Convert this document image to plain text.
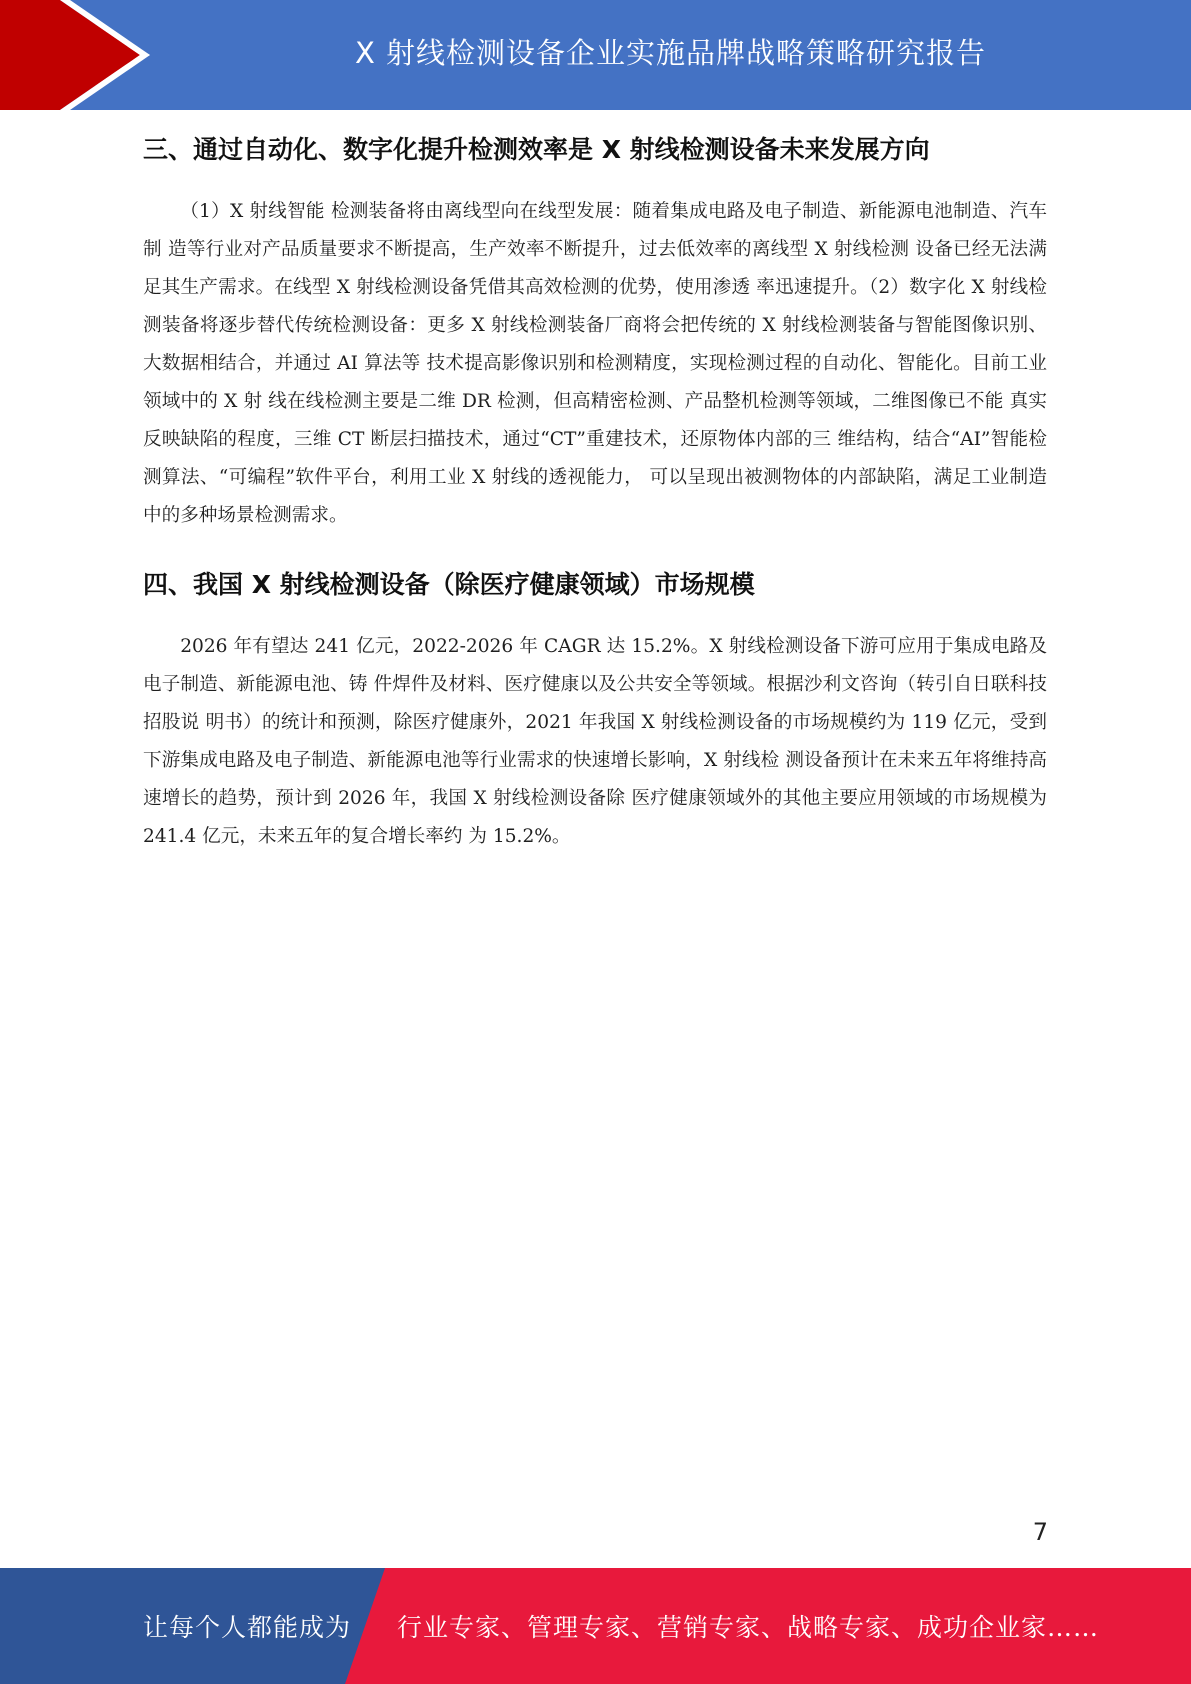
X 射线检测设备企业实施品牌战略策略研究报告
三、通过自动化、数字化提升检测效率是 X 射线检测设备未来发展方向

（1）X 射线智能 检测装备将由离线型向在线型发展：随着集成电路及电子制造、新能源电池制造、汽车制 造等行业对产品质量要求不断提高，生产效率不断提升，过去低效率的离线型 X 射线检测 设备已经无法满足其生产需求。在线型 X 射线检测设备凭借其高效检测的优势，使用渗透 率迅速提升。（2）数字化 X 射线检测装备将逐步替代传统检测设备：更多 X 射线检测装备厂商将会把传统的 X 射线检测装备与智能图像识别、大数据相结合，并通过 AI 算法等 技术提高影像识别和检测精度，实现检测过程的自动化、智能化。目前工业领域中的 X 射 线在线检测主要是二维 DR 检测，但高精密检测、产品整机检测等领域，二维图像已不能 真实反映缺陷的程度，三维 CT 断层扫描技术，通过“CT”重建技术，还原物体内部的三 维结构，结合“AI”智能检测算法、“可编程”软件平台，利用工业 X 射线的透视能力， 可以呈现出被测物体的内部缺陷，满足工业制造中的多种场景检测需求。

四、我国 X 射线检测设备（除医疗健康领域）市场规模

2026 年有望达 241 亿元，2022-2026 年 CAGR 达 15.2%。X 射线检测设备下游可应用于集成电路及电子制造、新能源电池、铸 件焊件及材料、医疗健康以及公共安全等领域。根据沙利文咨询（转引自日联科技招股说 明书）的统计和预测，除医疗健康外，2021 年我国 X 射线检测设备的市场规模约为 119 亿元，受到下游集成电路及电子制造、新能源电池等行业需求的快速增长影响，X 射线检 测设备预计在未来五年将维持高速增长的趋势，预计到 2026 年，我国 X 射线检测设备除 医疗健康领域外的其他主要应用领域的市场规模为 241.4 亿元，未来五年的复合增长率约 为 15.2%。

7
让每个人都能成为 行业专家、管理专家、营销专家、战略专家、成功企业家……
